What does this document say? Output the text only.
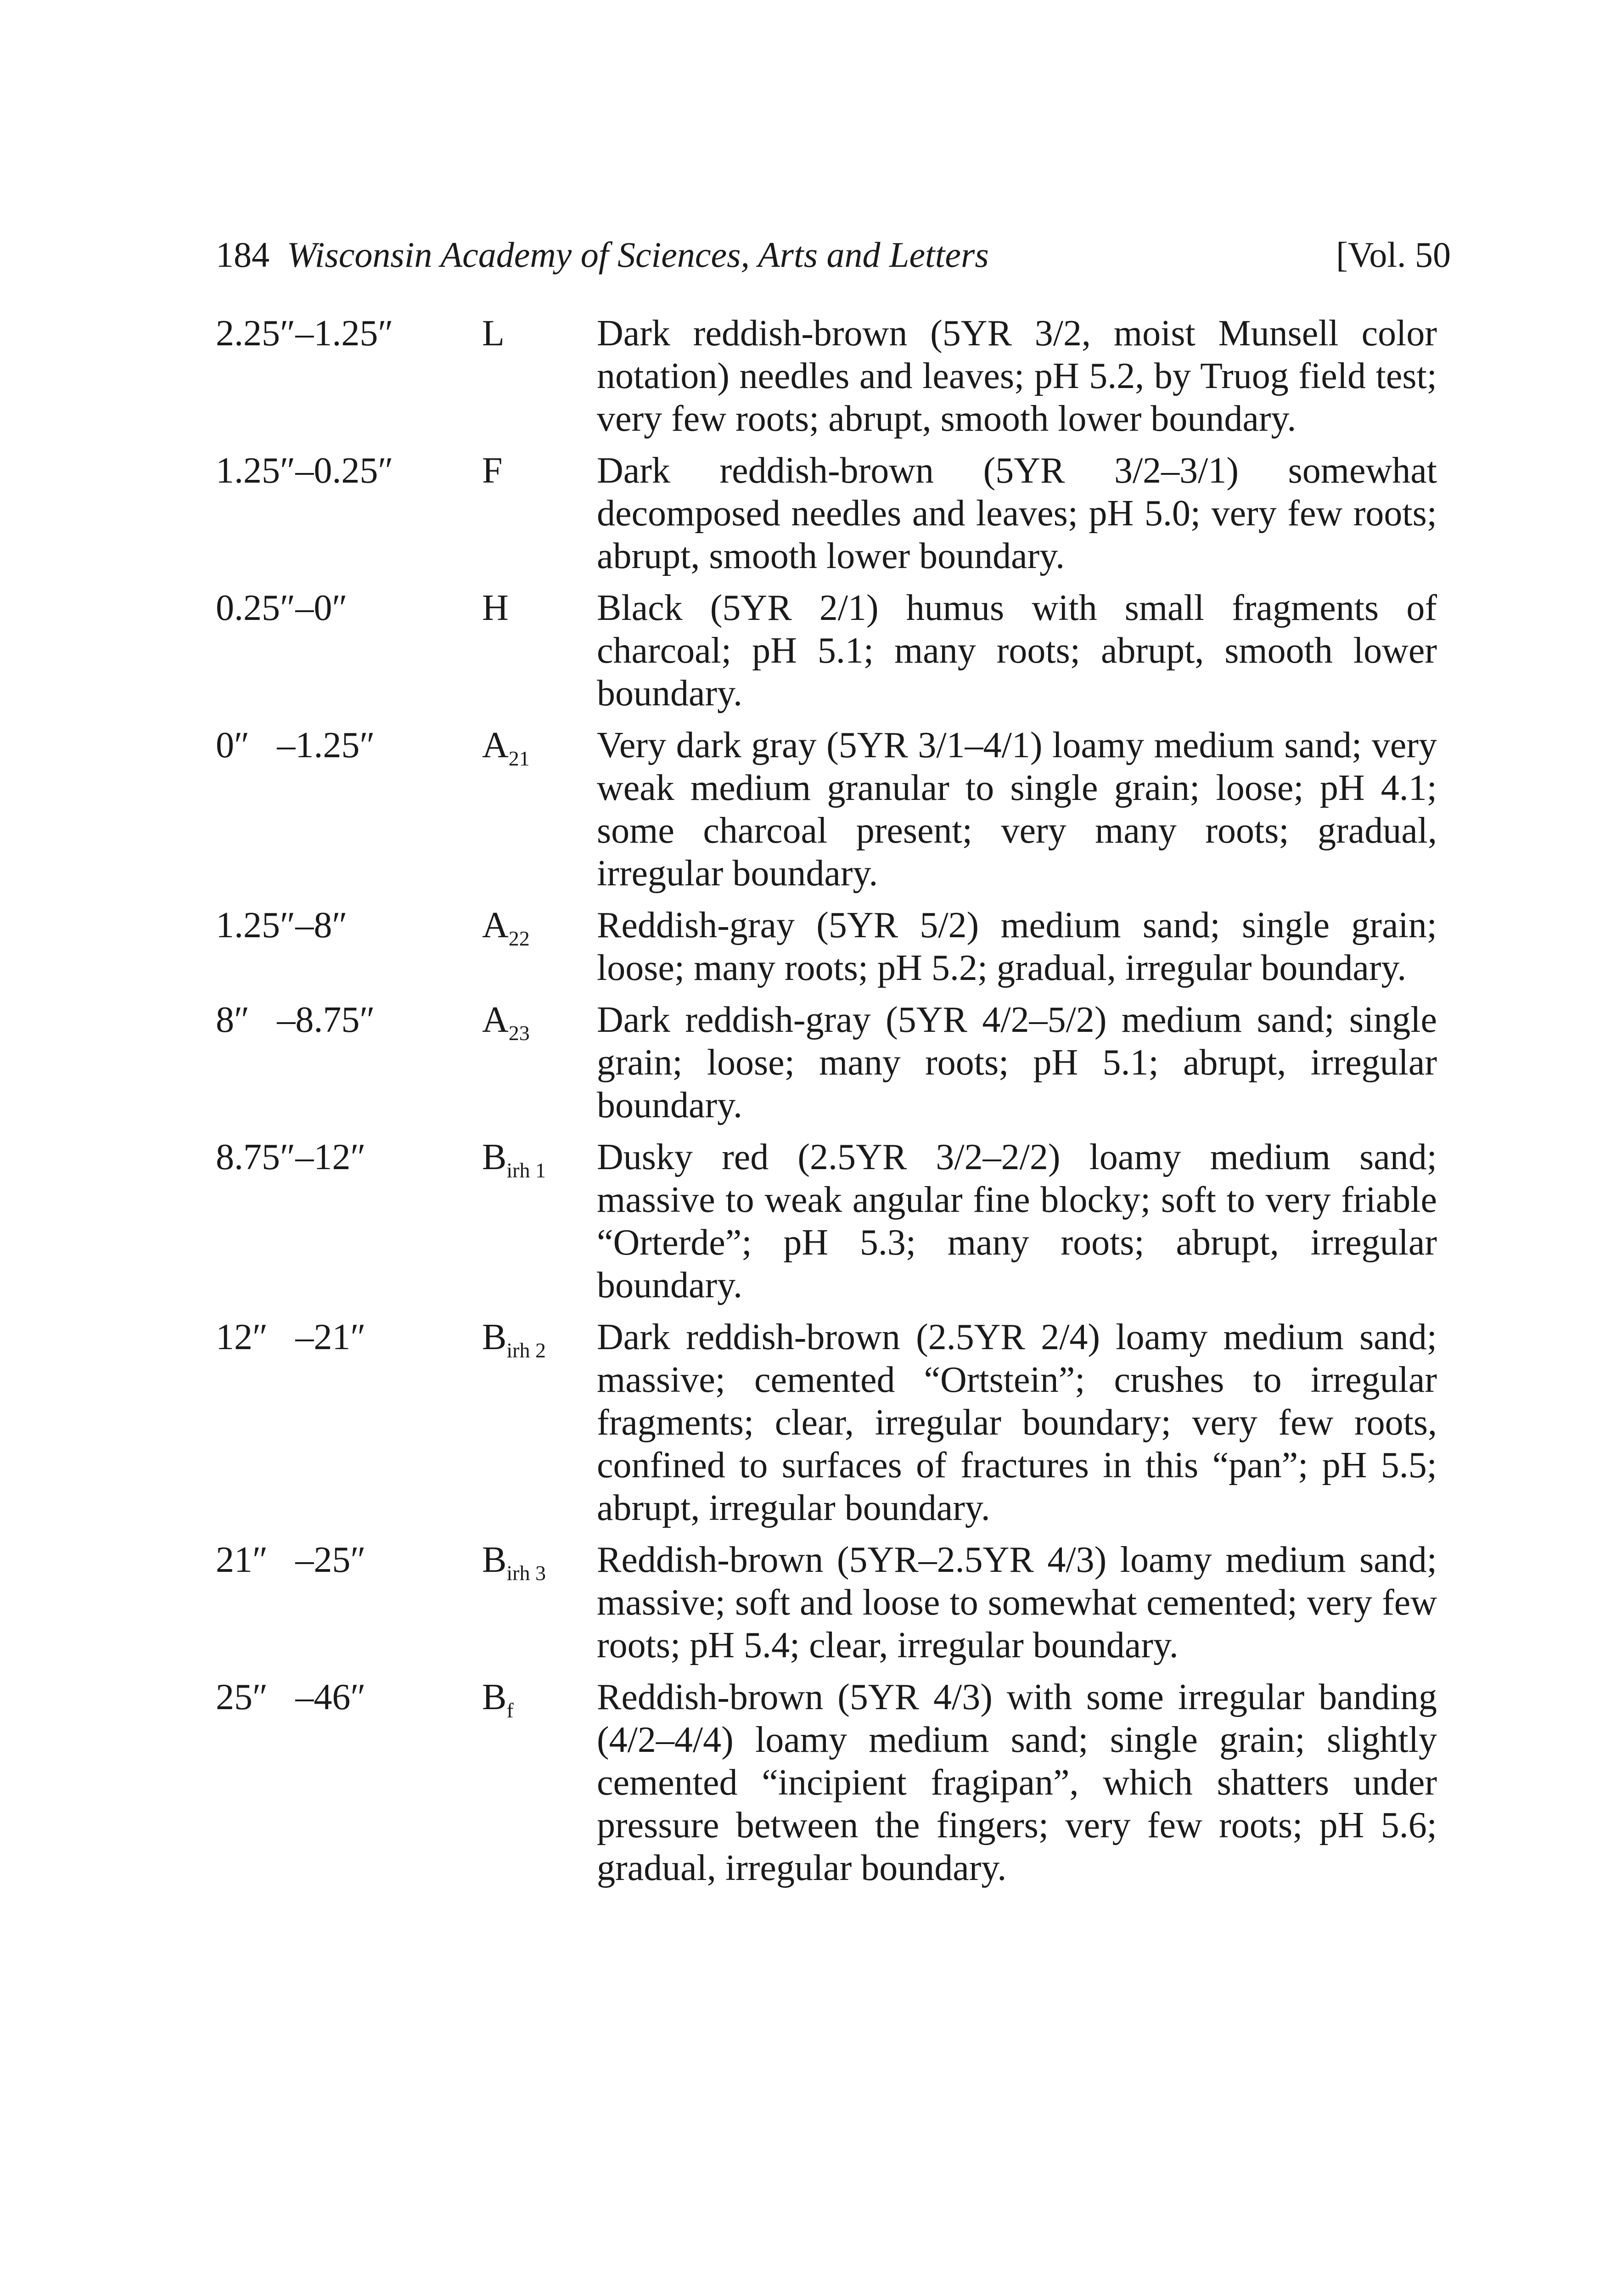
184 Wisconsin Academy of Sciences, Arts and Letters	[Vol. 50
2.25″–1.25″	L	Dark reddish-brown (5YR 3/2, moist Munsell color notation) needles and leaves; pH 5.2, by Truog field test; very few roots; abrupt, smooth lower boundary.
1.25″–0.25″	F	Dark reddish-brown (5YR 3/2–3/1) somewhat decomposed needles and leaves; pH 5.0; very few roots; abrupt, smooth lower boundary.
0.25″–0″	H	Black (5YR 2/1) humus with small fragments of charcoal; pH 5.1; many roots; abrupt, smooth lower boundary.
0″   –1.25″	$A_{21}$	Very dark gray (5YR 3/1–4/1) loamy medium sand; very weak medium granular to single grain; loose; pH 4.1; some charcoal present; very many roots; gradual, irregular boundary.
1.25″–8″	$A_{22}$	Reddish-gray (5YR 5/2) medium sand; single grain; loose; many roots; pH 5.2; gradual, irregular boundary.
8″   –8.75″	$A_{23}$	Dark reddish-gray (5YR 4/2–5/2) medium sand; single grain; loose; many roots; pH 5.1; abrupt, irregular boundary.
8.75″–12″	$B_{irh 1}$	Dusky red (2.5YR 3/2–2/2) loamy medium sand; massive to weak angular fine blocky; soft to very friable “Orterde”; pH 5.3; many roots; abrupt, irregular boundary.
12″   –21″	$B_{irh 2}$	Dark reddish-brown (2.5YR 2/4) loamy medium sand; massive; cemented “Ortstein”; crushes to irregular fragments; clear, irregular boundary; very few roots, confined to surfaces of fractures in this “pan”; pH 5.5; abrupt, irregular boundary.
21″   –25″	$B_{irh 3}$	Reddish-brown (5YR–2.5YR 4/3) loamy medium sand; massive; soft and loose to somewhat cemented; very few roots; pH 5.4; clear, irregular boundary.
25″   –46″	$B_f$	Reddish-brown (5YR 4/3) with some irregular banding (4/2–4/4) loamy medium sand; single grain; slightly cemented “incipient fragipan”, which shatters under pressure between the fingers; very few roots; pH 5.6; gradual, irregular boundary.
